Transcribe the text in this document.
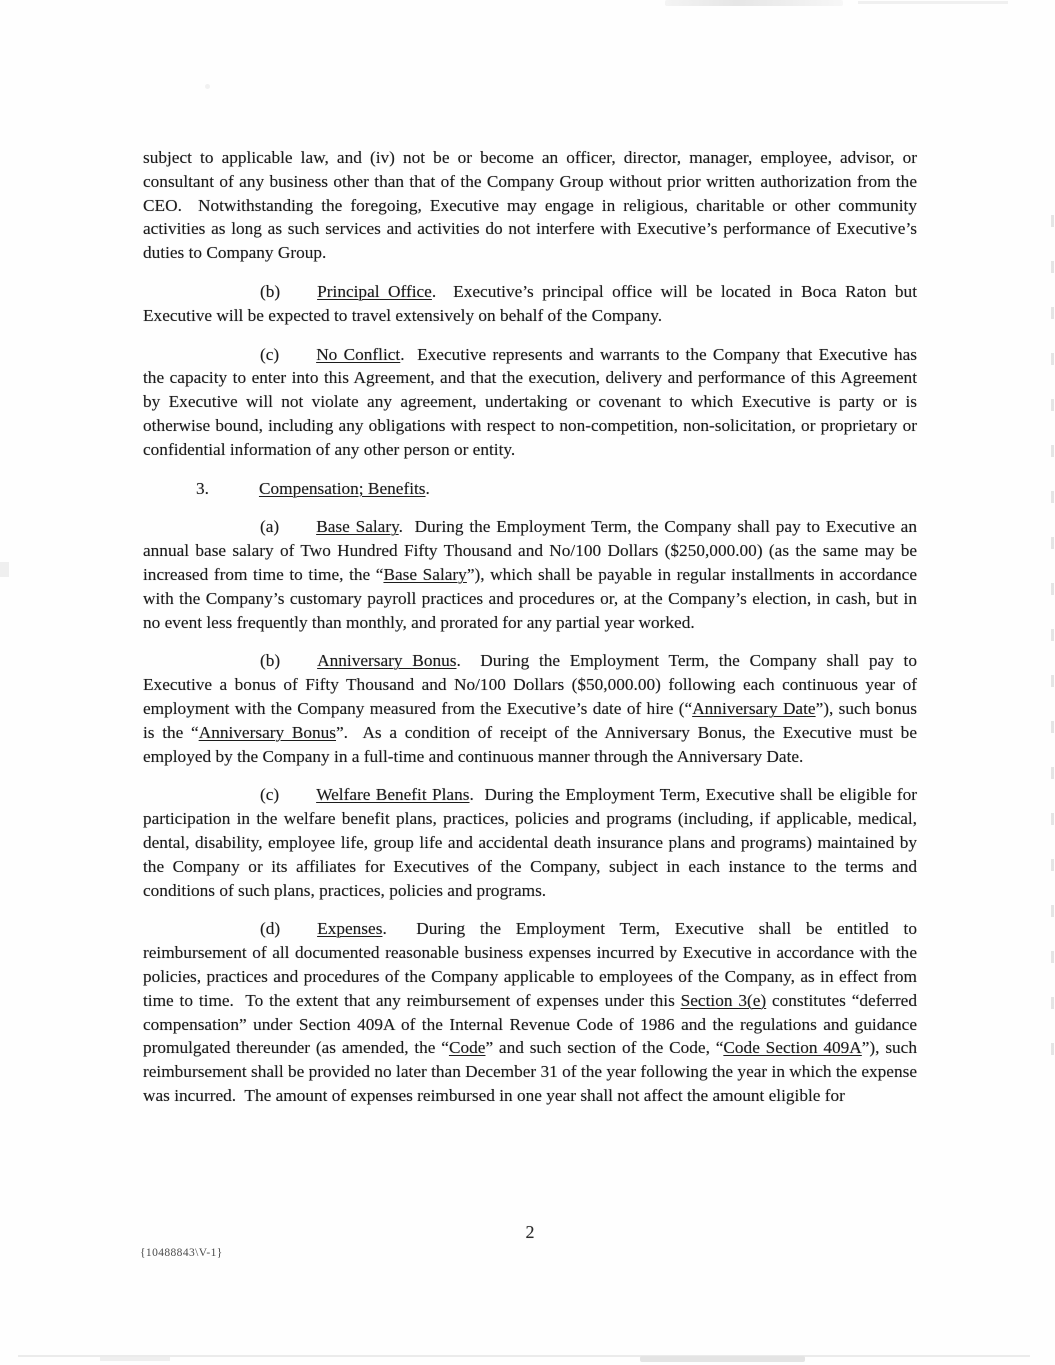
subject to applicable law, and (iv) not be or become an officer, director, manager, employee, advisor, or consultant of any business other than that of the Company Group without prior written authorization from the CEO.  Notwithstanding the foregoing, Executive may engage in religious, charitable or other community activities as long as such services and activities do not interfere with Executive’s performance of Executive’s duties to Company Group.

(b) Principal Office.  Executive’s principal office will be located in Boca Raton but Executive will be expected to travel extensively on behalf of the Company.

(c) No Conflict.  Executive represents and warrants to the Company that Executive has the capacity to enter into this Agreement, and that the execution, delivery and performance of this Agreement by Executive will not violate any agreement, undertaking or covenant to which Executive is party or is otherwise bound, including any obligations with respect to non-competition, non-solicitation, or proprietary or confidential information of any other person or entity.

3.	Compensation; Benefits.

(a) Base Salary.  During the Employment Term, the Company shall pay to Executive an annual base salary of Two Hundred Fifty Thousand and No/100 Dollars ($250,000.00) (as the same may be increased from time to time, the “Base Salary”), which shall be payable in regular installments in accordance with the Company’s customary payroll practices and procedures or, at the Company’s election, in cash, but in no event less frequently than monthly, and prorated for any partial year worked.

(b) Anniversary Bonus.  During the Employment Term, the Company shall pay to Executive a bonus of Fifty Thousand and No/100 Dollars ($50,000.00) following each continuous year of employment with the Company measured from the Executive’s date of hire (“Anniversary Date”), such bonus is the “Anniversary Bonus”.  As a condition of receipt of the Anniversary Bonus, the Executive must be employed by the Company in a full-time and continuous manner through the Anniversary Date.

(c) Welfare Benefit Plans.  During the Employment Term, Executive shall be eligible for participation in the welfare benefit plans, practices, policies and programs (including, if applicable, medical, dental, disability, employee life, group life and accidental death insurance plans and programs) maintained by the Company or its affiliates for Executives of the Company, subject in each instance to the terms and conditions of such plans, practices, policies and programs.

(d) Expenses.  During the Employment Term, Executive shall be entitled to reimbursement of all documented reasonable business expenses incurred by Executive in accordance with the policies, practices and procedures of the Company applicable to employees of the Company, as in effect from time to time.  To the extent that any reimbursement of expenses under this Section 3(e) constitutes “deferred compensation” under Section 409A of the Internal Revenue Code of 1986 and the regulations and guidance promulgated thereunder (as amended, the “Code” and such section of the Code, “Code Section 409A”), such reimbursement shall be provided no later than December 31 of the year following the year in which the expense was incurred.  The amount of expenses reimbursed in one year shall not affect the amount eligible for

2
{10488843\V-1}
